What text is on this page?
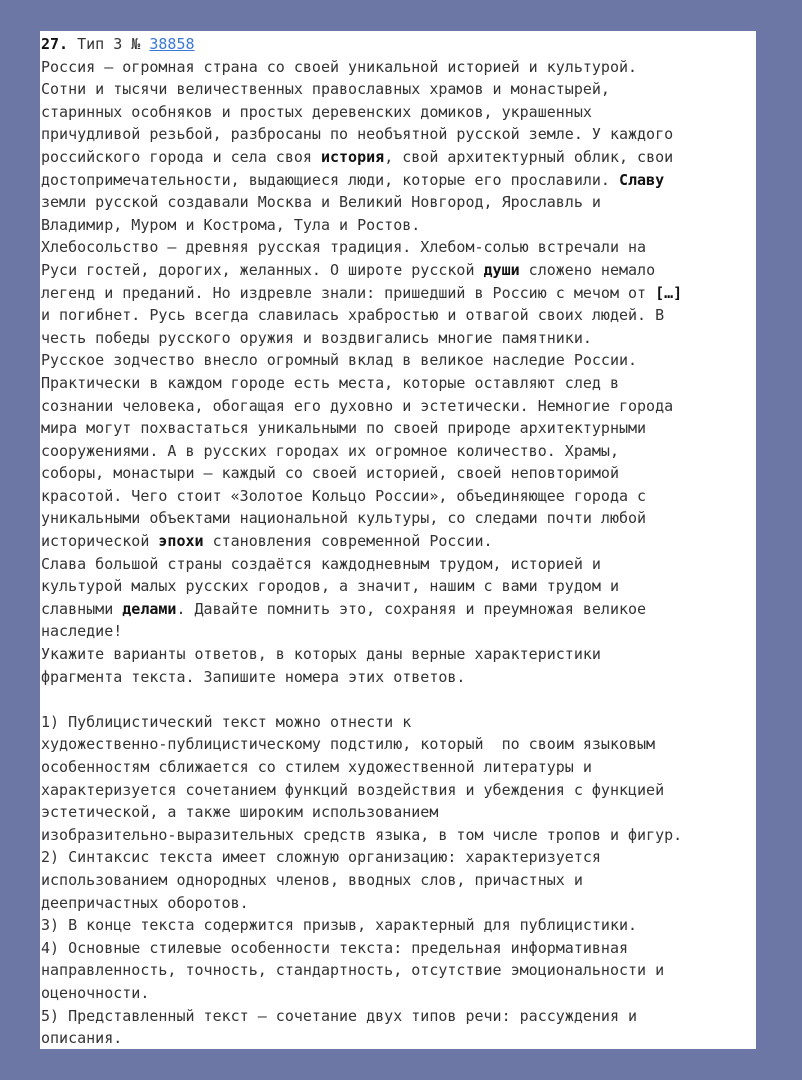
27. Тип 3 № 38858
Россия — огромная страна со своей уникальной историей и культурой.
Сотни и тысячи величественных православных храмов и монастырей,
старинных особняков и простых деревенских домиков, украшенных
причудливой резьбой, разбросаны по необъятной русской земле. У каждого
российского города и села своя история, свой архитектурный облик, свои
достопримечательности, выдающиеся люди, которые его прославили. Славу
земли русской создавали Москва и Великий Новгород, Ярославль и
Владимир, Муром и Кострома, Тула и Ростов.
Хлебосольство — древняя русская традиция. Хлебом-солью встречали на
Руси гостей, дорогих, желанных. О широте русской души сложено немало
легенд и преданий. Но издревле знали: пришедший в Россию с мечом от […]
и погибнет. Русь всегда славилась храбростью и отвагой своих людей. В
честь победы русского оружия и воздвигались многие памятники.
Русское зодчество внесло огромный вклад в великое наследие России.
Практически в каждом городе есть места, которые оставляют след в
сознании человека, обогащая его духовно и эстетически. Немногие города
мира могут похвастаться уникальными по своей природе архитектурными
сооружениями. А в русских городах их огромное количество. Храмы,
соборы, монастыри — каждый со своей историей, своей неповторимой
красотой. Чего стоит «Золотое Кольцо России», объединяющее города с
уникальными объектами национальной культуры, со следами почти любой
исторической эпохи становления современной России.
Слава большой страны создаётся каждодневным трудом, историей и
культурой малых русских городов, а значит, нашим с вами трудом и
славными делами. Давайте помнить это, сохраняя и преумножая великое
наследие!
Укажите варианты ответов, в которых даны верные характеристики
фрагмента текста. Запишите номера этих ответов.
1) Публицистический текст можно отнести к
художественно-публицистическому подстилю, который  по своим языковым
особенностям сближается со стилем художественной литературы и
характеризуется сочетанием функций воздействия и убеждения с функцией
эстетической, а также широким использованием
изобразительно-выразительных средств языка, в том числе тропов и фигур.
2) Синтаксис текста имеет сложную организацию: характеризуется
использованием однородных членов, вводных слов, причастных и
деепричастных оборотов.
3) В конце текста содержится призыв, характерный для публицистики.
4) Основные стилевые особенности текста: предельная информативная
направленность, точность, стандартность, отсутствие эмоциональности и
оценочности.
5) Представленный текст — сочетание двух типов речи: рассуждения и
описания.
